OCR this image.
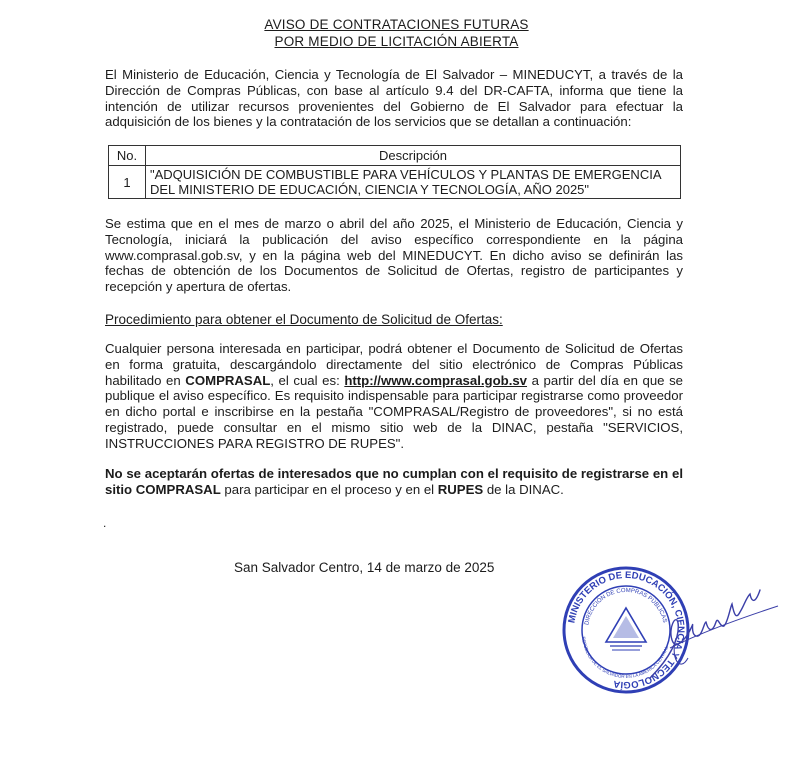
AVISO DE CONTRATACIONES FUTURAS
POR MEDIO DE LICITACIÓN ABIERTA

El Ministerio de Educación, Ciencia y Tecnología de El Salvador – MINEDUCYT, a través de la Dirección de Compras Públicas, con base al artículo 9.4 del DR-CAFTA, informa que tiene la intención de utilizar recursos provenientes del Gobierno de El Salvador para efectuar la adquisición de los bienes y la contratación de los servicios que se detallan a continuación:

No.	Descripción
1	"ADQUISICIÓN DE COMBUSTIBLE PARA VEHÍCULOS Y PLANTAS DE EMERGENCIA DEL MINISTERIO DE EDUCACIÓN, CIENCIA Y TECNOLOGÍA, AÑO 2025"

Se estima que en el mes de marzo o abril del año 2025, el Ministerio de Educación, Ciencia y Tecnología, iniciará la publicación del aviso específico correspondiente en la página www.comprasal.gob.sv, y en la página web del MINEDUCYT. En dicho aviso se definirán las fechas de obtención de los Documentos de Solicitud de Ofertas, registro de participantes y recepción y apertura de ofertas.

Procedimiento para obtener el Documento de Solicitud de Ofertas:

Cualquier persona interesada en participar, podrá obtener el Documento de Solicitud de Ofertas en forma gratuita, descargándolo directamente del sitio electrónico de Compras Públicas habilitado en COMPRASAL, el cual es: http://www.comprasal.gob.sv a partir del día en que se publique el aviso específico. Es requisito indispensable para participar registrarse como proveedor en dicho portal e inscribirse en la pestaña "COMPRASAL/Registro de proveedores", si no está registrado, puede consultar en el mismo sitio web de la DINAC, pestaña "SERVICIOS, INSTRUCCIONES PARA REGISTRO DE RUPES".

No se aceptarán ofertas de interesados que no cumplan con el requisito de registrarse en el sitio COMPRASAL para participar en el proceso y en el RUPES de la DINAC.

.
San Salvador Centro, 14 de marzo de 2025
MINISTERIO DE EDUCACIÓN, CIENCIA Y TECNOLOGÍA
DIRECCIÓN DE COMPRAS PÚBLICAS
REPÚBLICA DE EL SALVADOR EN LA AMÉRICA CENTRAL
